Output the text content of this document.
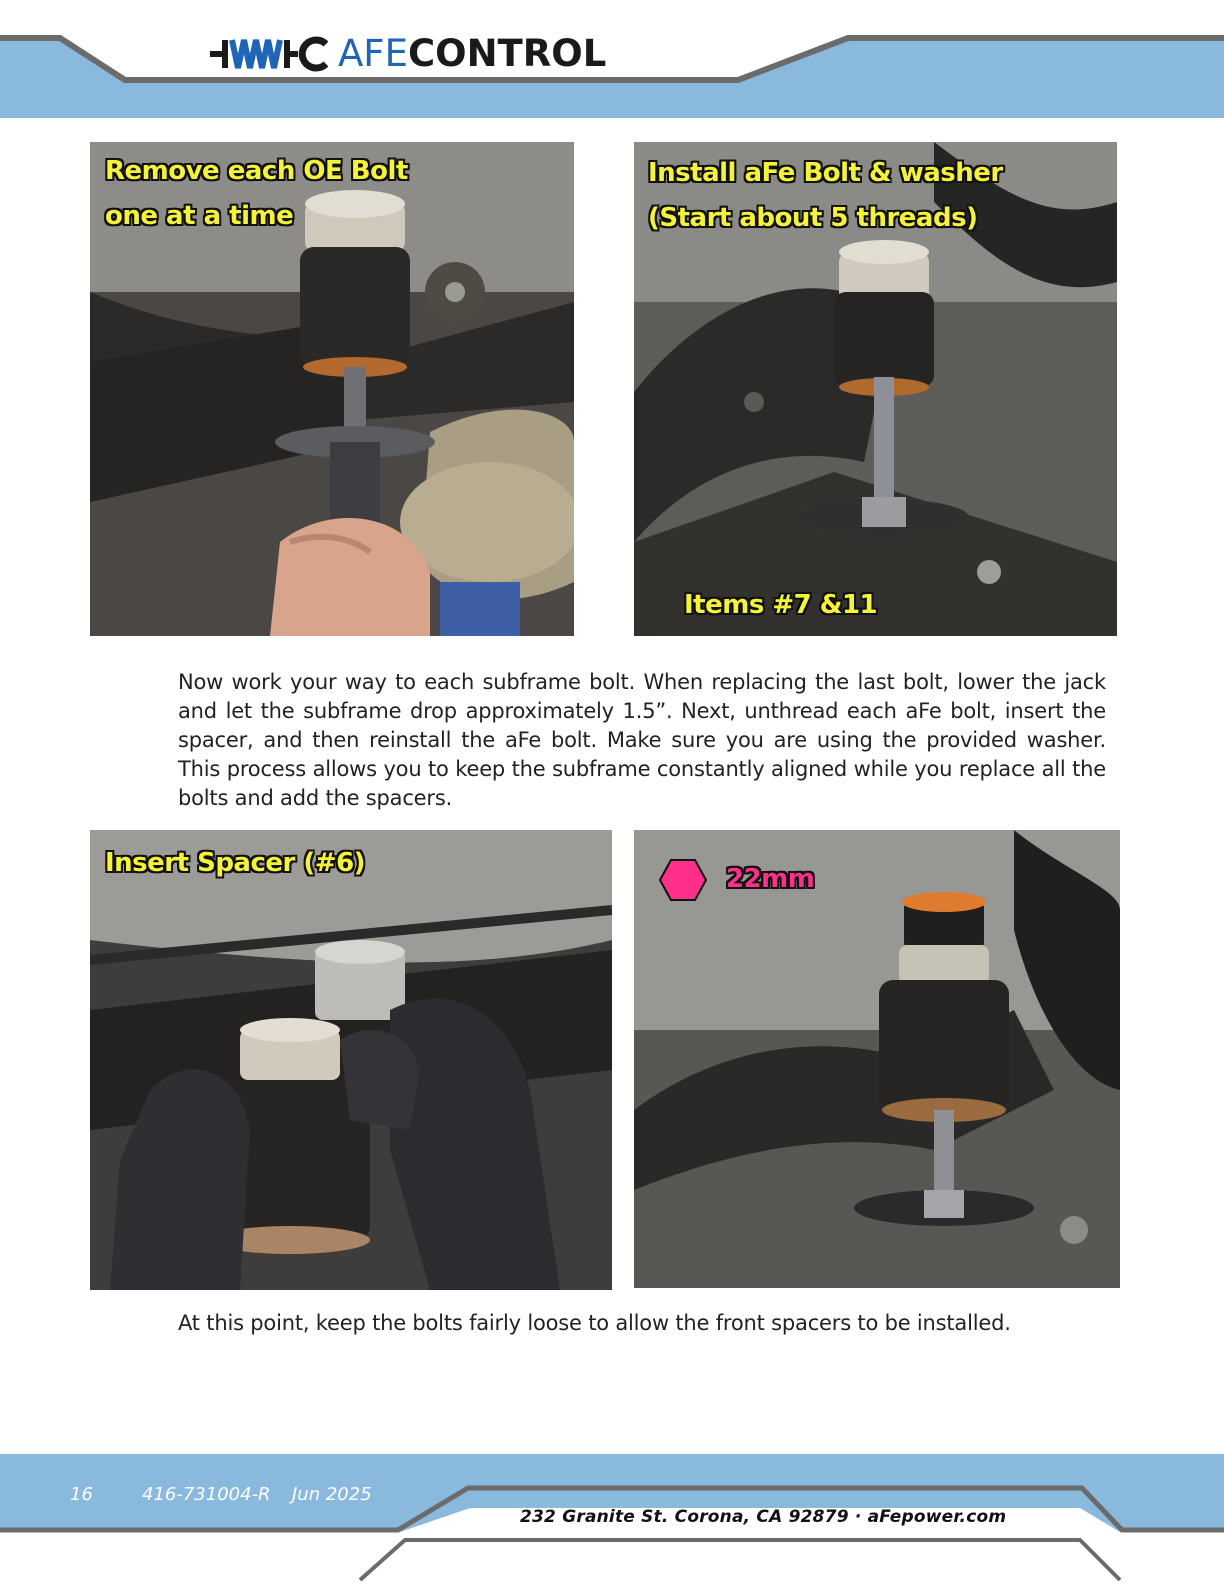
AFECONTROL
Remove each OE Bolt
one at a time
Install aFe Bolt & washer
(Start about 5 threads)
Items #7 &11
Now work your way to each subframe bolt. When replacing the last bolt, lower the jack and let the subframe drop approximately 1.5”. Next, unthread each aFe bolt, insert the spacer, and then reinstall the aFe bolt. Make sure you are using the provided washer. This process allows you to keep the subframe constantly aligned while you replace all the bolts and add the spacers.
Insert Spacer (#6)
22mm
At this point, keep the bolts fairly loose to allow the front spacers to be installed.
16	416-731004-R Jun 2025
232 Granite St. Corona, CA 92879 · aFepower.com
